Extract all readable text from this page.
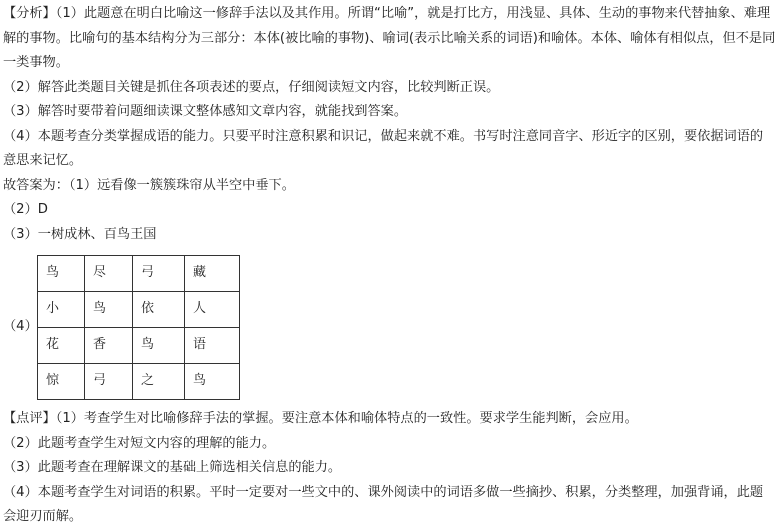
【分析】（1）此题意在明白比喻这一修辞手法以及其作用。所谓“比喻”，就是打比方，用浅显、具体、生动的事物来代替抽象、难理解的事物。比喻句的基本结构分为三部分：本体(被比喻的事物)、喻词(表示比喻关系的词语)和喻体。本体、喻体有相似点，但不是同一类事物。

（2）解答此类题目关键是抓住各项表述的要点，仔细阅读短文内容，比较判断正误。

（3）解答时要带着问题细读课文整体感知文章内容，就能找到答案。

（4）本题考查分类掌握成语的能力。只要平时注意积累和识记，做起来就不难。书写时注意同音字、形近字的区别，要依据词语的意思来记忆。

故答案为：（1）远看像一簇簇珠帘从半空中垂下。

（2）D

（3）一树成林、百鸟王国

（4）
鸟	尽	弓	藏
小	鸟	依	人
花	香	鸟	语
惊	弓	之	鸟

【点评】（1）考查学生对比喻修辞手法的掌握。要注意本体和喻体特点的一致性。要求学生能判断，会应用。

（2）此题考查学生对短文内容的理解的能力。

（3）此题考查在理解课文的基础上筛选相关信息的能力。

（4）本题考查学生对词语的积累。平时一定要对一些文中的、课外阅读中的词语多做一些摘抄、积累，分类整理，加强背诵，此题会迎刃而解。
